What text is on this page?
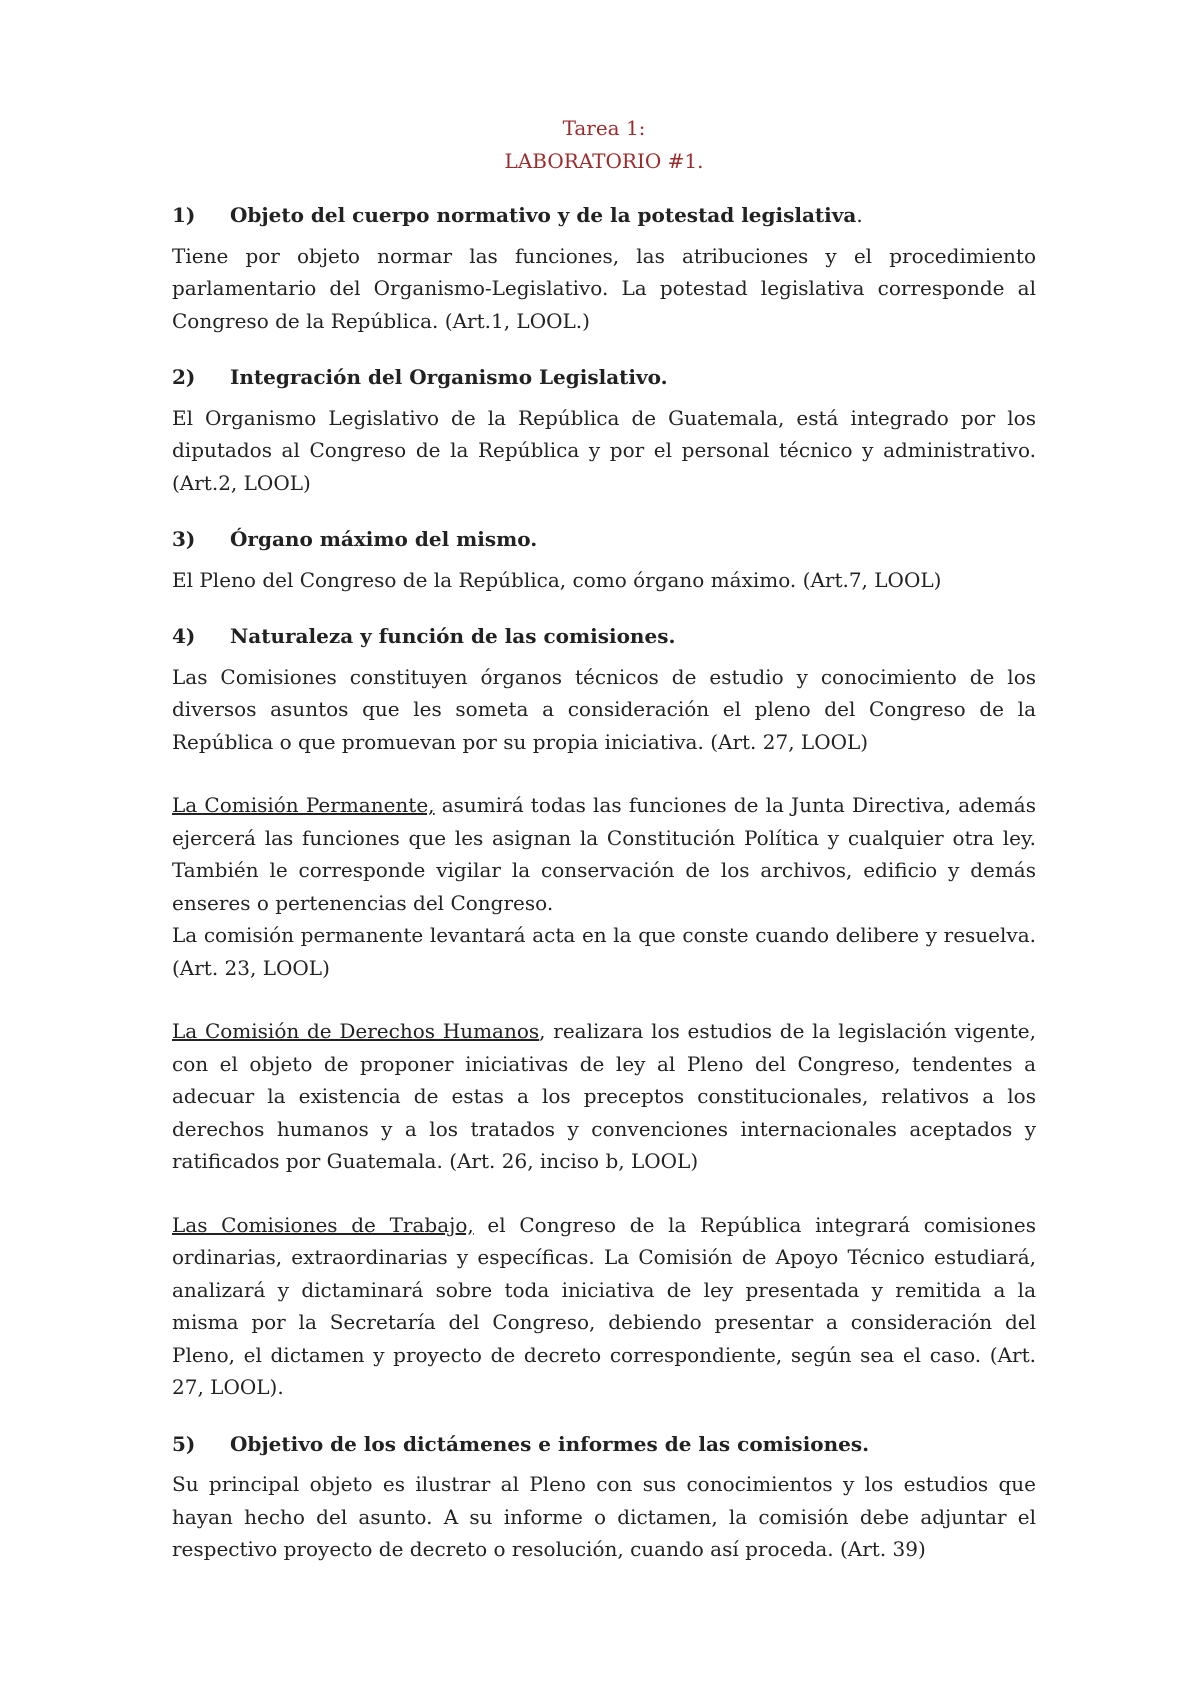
Tarea 1:
LABORATORIO #1.
1)	Objeto del cuerpo normativo y de la potestad legislativa.

Tiene por objeto normar las funciones, las atribuciones y el procedimiento parlamentario del Organismo-Legislativo. La potestad legislativa corresponde al Congreso de la República. (Art.1, LOOL.)

2)	Integración del Organismo Legislativo.

El Organismo Legislativo de la República de Guatemala, está integrado por los diputados al Congreso de la República y por el personal técnico y administrativo. (Art.2, LOOL)

3)	Órgano máximo del mismo.

El Pleno del Congreso de la República, como órgano máximo. (Art.7, LOOL)

4)	Naturaleza y función de las comisiones.

Las Comisiones constituyen órganos técnicos de estudio y conocimiento de los diversos asuntos que les someta a consideración el pleno del Congreso de la República o que promuevan por su propia iniciativa. (Art. 27, LOOL)

La Comisión Permanente, asumirá todas las funciones de la Junta Directiva, además ejercerá las funciones que les asignan la Constitución Política y cualquier otra ley. También le corresponde vigilar la conservación de los archivos, edificio y demás enseres o pertenencias del Congreso.

La comisión permanente levantará acta en la que conste cuando delibere y resuelva. (Art. 23, LOOL)

La Comisión de Derechos Humanos, realizara los estudios de la legislación vigente, con el objeto de proponer iniciativas de ley al Pleno del Congreso, tendentes a adecuar la existencia de estas a los preceptos constitucionales, relativos a los derechos humanos y a los tratados y convenciones internacionales aceptados y ratificados por Guatemala. (Art. 26, inciso b, LOOL)

Las Comisiones de Trabajo, el Congreso de la República integrará comisiones ordinarias, extraordinarias y específicas. La Comisión de Apoyo Técnico estudiará, analizará y dictaminará sobre toda iniciativa de ley presentada y remitida a la misma por la Secretaría del Congreso, debiendo presentar a consideración del Pleno, el dictamen y proyecto de decreto correspondiente, según sea el caso. (Art. 27, LOOL).

5)	Objetivo de los dictámenes e informes de las comisiones.

Su principal objeto es ilustrar al Pleno con sus conocimientos y los estudios que hayan hecho del asunto. A su informe o dictamen, la comisión debe adjuntar el respectivo proyecto de decreto o resolución, cuando así proceda. (Art. 39)
